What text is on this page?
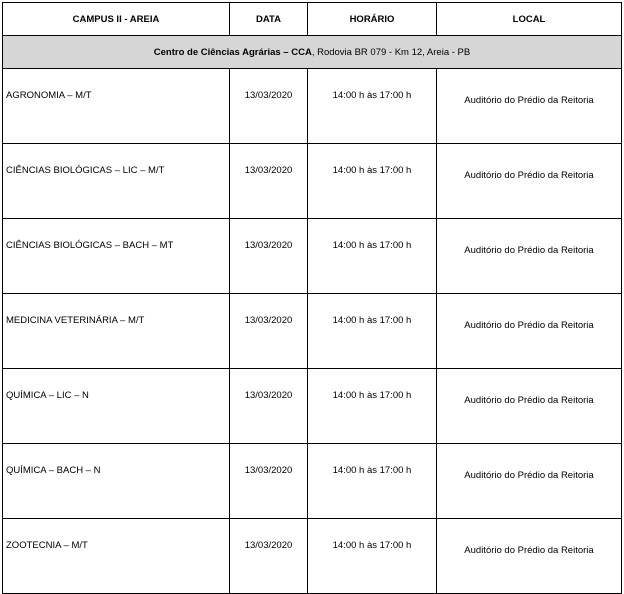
CAMPUS II - AREIA	DATA	HORÁRIO	LOCAL
Centro de Ciências Agrárias – CCA, Rodovia BR 079 - Km 12, Areia - PB			
AGRONOMIA – M/T	13/03/2020	14:00 h às 17:00 h	Auditório do Prédio da Reitoria
CIÊNCIAS BIOLÓGICAS – LIC – M/T	13/03/2020	14:00 h às 17:00 h	Auditório do Prédio da Reitoria
CIÊNCIAS BIOLÓGICAS – BACH – MT	13/03/2020	14:00 h às 17:00 h	Auditório do Prédio da Reitoria
MEDICINA VETERINÁRIA – M/T	13/03/2020	14:00 h às 17:00 h	Auditório do Prédio da Reitoria
QUÍMICA – LIC – N	13/03/2020	14:00 h às 17:00 h	Auditório do Prédio da Reitoria
QUÍMICA – BACH – N	13/03/2020	14:00 h às 17:00 h	Auditório do Prédio da Reitoria
ZOOTECNIA – M/T	13/03/2020	14:00 h às 17:00 h	Auditório do Prédio da Reitoria
